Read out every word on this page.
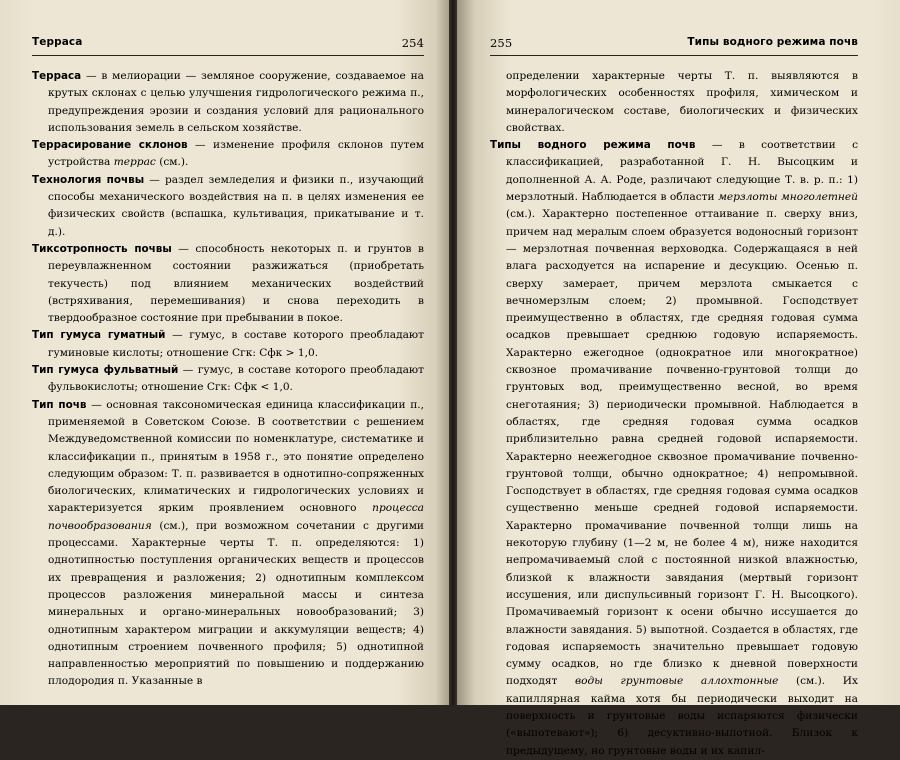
Терраса	254	255	Типы водного режима почв

Терраса — в мелиорации — земляное сооружение, создаваемое на крутых склонах с целью улучшения гидрологического режима п., предупреждения эрозии и создания условий для рационального использования земель в сельском хозяйстве.

Террасирование склонов — изменение профиля склонов путем устройства террас (см.).

Технология почвы — раздел земледелия и физики п., изучающий способы механического воздействия на п. в целях изменения ее физических свойств (вспашка, культивация, прикатывание и т. д.).

Тиксотропность почвы — способность некоторых п. и грунтов в переувлажненном состоянии разжижаться (приобретать текучесть) под влиянием механических воздействий (встряхивания, перемешивания) и снова переходить в твердообразное состояние при пребывании в покое.

Тип гумуса гуматный — гумус, в составе которого преобладают гуминовые кислоты; отношение Сгк: Сфк > 1,0.

Тип гумуса фульватный — гумус, в составе которого преобладают фульвокислоты; отношение Сгк: Сфк < 1,0.

Тип почв — основная таксономическая единица классификации п., применяемой в Советском Союзе. В соответствии с решением Междуведомственной комиссии по номенклатуре, систематике и классификации п., принятым в 1958 г., это понятие определено следующим образом: Т. п. развивается в однотипно-сопряженных биологических, климатических и гидрологических условиях и характеризуется ярким проявлением основного процесса почвообразования (см.), при возможном сочетании с другими процессами. Характерные черты Т. п. определяются: 1) однотипностью поступления органических веществ и процессов их превращения и разложения; 2) однотипным комплексом процессов разложения минеральной массы и синтеза минеральных и органо-минеральных новообразований; 3) однотипным характером миграции и аккумуляции веществ; 4) однотипным строением почвенного профиля; 5) однотипной направленностью мероприятий по повышению и поддержанию плодородия п. Указанные в

определении характерные черты Т. п. выявляются в морфологических особенностях профиля, химическом и минералогическом составе, биологических и физических свойствах.

Типы водного режима почв — в соответствии с классификацией, разработанной Г. Н. Высоцким и дополненной А. А. Роде, различают следующие Т. в. р. п.: 1) мерзлотный. Наблюдается в области мерзлоты многолетней (см.). Характерно постепенное оттаивание п. сверху вниз, причем над мералым слоем образуется водоносный горизонт — мерзлотная почвенная верховодка. Содержащаяся в ней влага расходуется на испарение и десукцию. Осенью п. сверху замерает, причем мерзлота смыкается с вечномерзлым слоем; 2) промывной. Господствует преимущественно в областях, где средняя годовая сумма осадков превышает среднюю годовую испаряемость. Характерно ежегодное (однократное или многократное) сквозное промачивание почвенно-грунтовой толщи до грунтовых вод, преимущественно весной, во время снеготаяния; 3) периодически промывной. Наблюдается в областях, где средняя годовая сумма осадков приблизительно равна средней годовой испаряемости. Характерно неежегодное сквозное промачивание почвенно-грунтовой толщи, обычно однократное; 4) непромывной. Господствует в областях, где средняя годовая сумма осадков существенно меньше средней годовой испаряемости. Характерно промачивание почвенной толщи лишь на некоторую глубину (1—2 м, не более 4 м), ниже находится непромачиваемый слой с постоянной низкой влажностью, близкой к влажности завядания (мертвый горизонт иссушения, или диспульсивный горизонт Г. Н. Высоцкого). Промачиваемый горизонт к осени обычно иссушается до влажности завядания. 5) выпотной. Создается в областях, где годовая испаряемость значительно превышает годовую сумму осадков, но где близко к дневной поверхности подходят воды грунтовые аллохтонные (см.). Их капиллярная кайма хотя бы периодически выходит на поверхность и грунтовые воды испаряются физически («выпотевают»); 6) десуктивно-выпотной. Близок к предыдущему, но грунтовые воды и их капил-
